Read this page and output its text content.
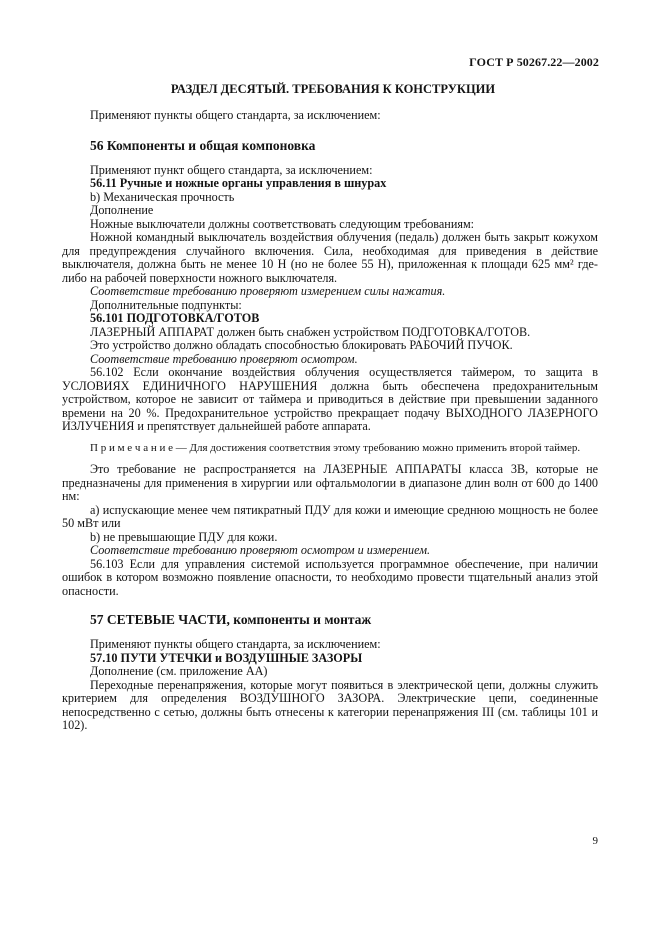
ГОСТ Р 50267.22—2002
РАЗДЕЛ ДЕСЯТЫЙ. ТРЕБОВАНИЯ К КОНСТРУКЦИИ

Применяют пункты общего стандарта, за исключением:

56 Компоненты и общая компоновка

Применяют пункт общего стандарта, за исключением:

56.11 Ручные и ножные органы управления в шнурах

b) Механическая прочность

Дополнение

Ножные выключатели должны соответствовать следующим требованиям:

Ножной командный выключатель воздействия облучения (педаль) должен быть закрыт кожухом для предупреждения случайного включения. Сила, необходимая для приведения в действие выключателя, должна быть не менее 10 Н (но не более 55 Н), приложенная к площади 625 мм² где-либо на рабочей поверхности ножного выключателя.

Соответствие требованию проверяют измерением силы нажатия.

Дополнительные подпункты:

56.101 ПОДГОТОВКА/ГОТОВ

ЛАЗЕРНЫЙ АППАРАТ должен быть снабжен устройством ПОДГОТОВКА/ГОТОВ.

Это устройство должно обладать способностью блокировать РАБОЧИЙ ПУЧОК.

Соответствие требованию проверяют осмотром.

56.102 Если окончание воздействия облучения осуществляется таймером, то защита в УСЛОВИЯХ ЕДИНИЧНОГО НАРУШЕНИЯ должна быть обеспечена предохранительным устройством, которое не зависит от таймера и приводиться в действие при превышении заданного времени на 20 %. Предохранительное устройство прекращает подачу ВЫХОДНОГО ЛАЗЕРНОГО ИЗЛУЧЕНИЯ и препятствует дальнейшей работе аппарата.

П р и м е ч а н и е — Для достижения соответствия этому требованию можно применить второй таймер.

Это требование не распространяется на ЛАЗЕРНЫЕ АППАРАТЫ класса 3В, которые не предназначены для применения в хирургии или офтальмологии в диапазоне длин волн от 600 до 1400 нм:

a) испускающие менее чем пятикратный ПДУ для кожи и имеющие среднюю мощность не более 50 мВт или

b) не превышающие ПДУ для кожи.

Соответствие требованию проверяют осмотром и измерением.

56.103 Если для управления системой используется программное обеспечение, при наличии ошибок в котором возможно появление опасности, то необходимо провести тщательный анализ этой опасности.

57 СЕТЕВЫЕ ЧАСТИ, компоненты и монтаж

Применяют пункты общего стандарта, за исключением:

57.10 ПУТИ УТЕЧКИ и ВОЗДУШНЫЕ ЗАЗОРЫ

Дополнение (см. приложение АА)

Переходные перенапряжения, которые могут появиться в электрической цепи, должны служить критерием для определения ВОЗДУШНОГО ЗАЗОРА. Электрические цепи, соединенные непосредственно с сетью, должны быть отнесены к категории перенапряжения III (см. таблицы 101 и 102).

9
